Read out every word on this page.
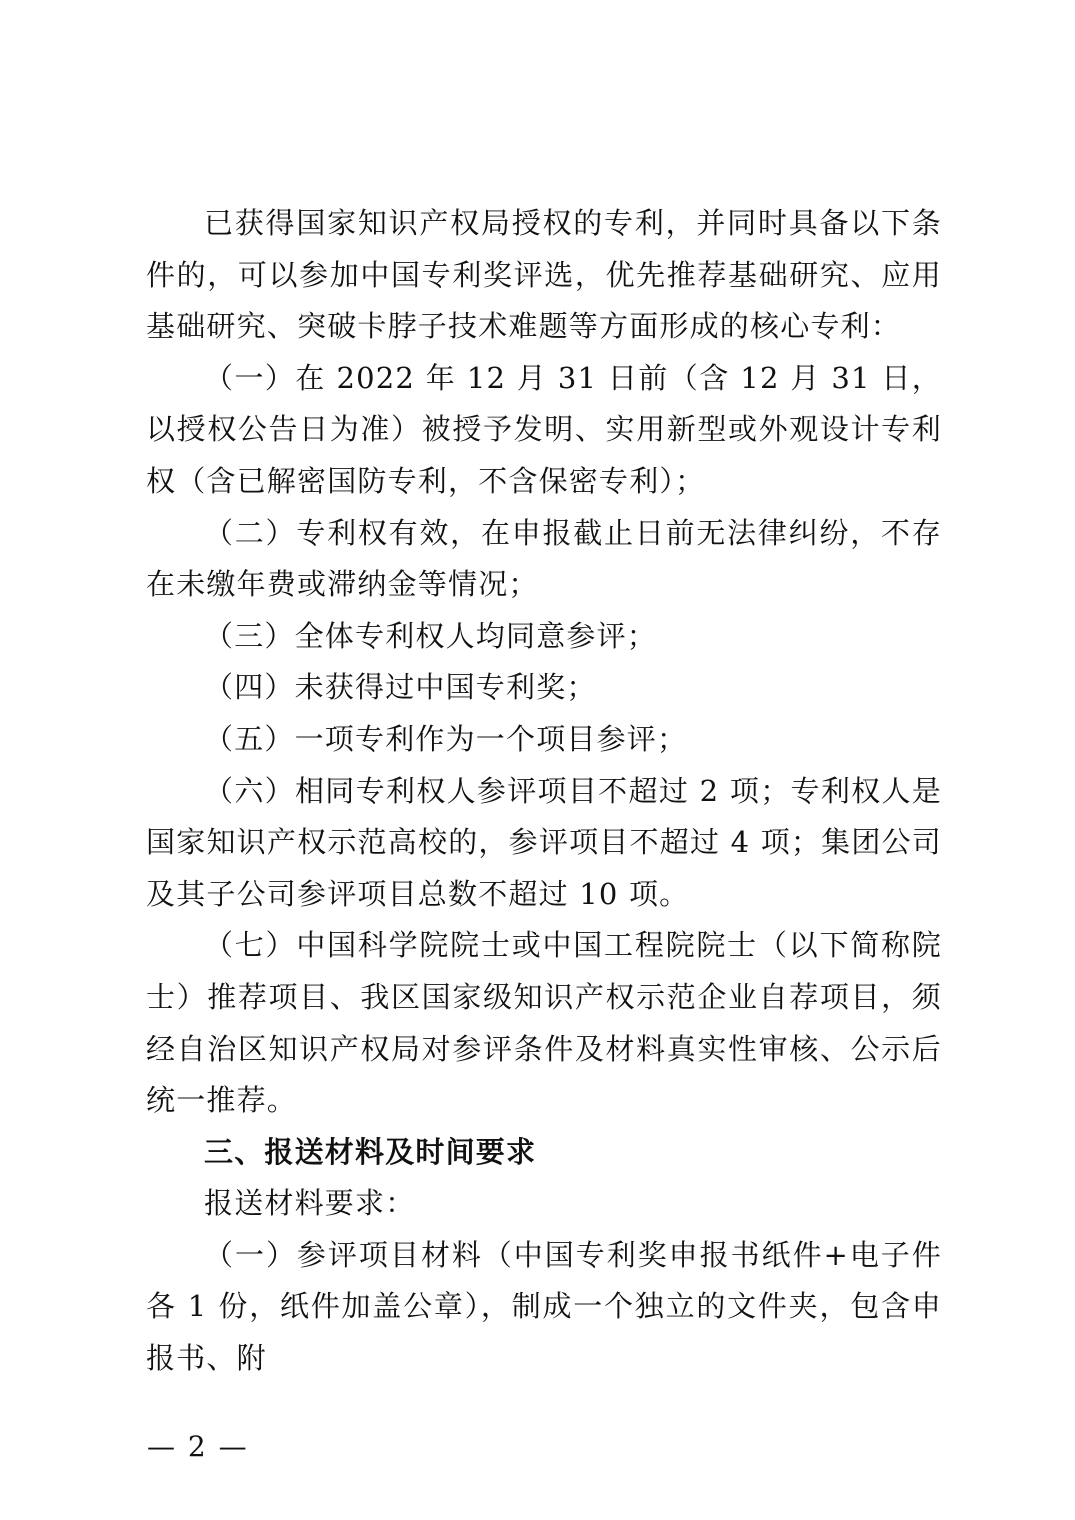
已获得国家知识产权局授权的专利，并同时具备以下条件的，可以参加中国专利奖评选，优先推荐基础研究、应用基础研究、突破卡脖子技术难题等方面形成的核心专利：

（一）在 2022 年 12 月 31 日前（含 12 月 31 日，以授权公告日为准）被授予发明、实用新型或外观设计专利权（含已解密国防专利，不含保密专利）；

（二）专利权有效，在申报截止日前无法律纠纷，不存在未缴年费或滞纳金等情况；

（三）全体专利权人均同意参评；

（四）未获得过中国专利奖；

（五）一项专利作为一个项目参评；

（六）相同专利权人参评项目不超过 2 项；专利权人是国家知识产权示范高校的，参评项目不超过 4 项；集团公司及其子公司参评项目总数不超过 10 项。

（七）中国科学院院士或中国工程院院士（以下简称院士）推荐项目、我区国家级知识产权示范企业自荐项目，须经自治区知识产权局对参评条件及材料真实性审核、公示后统一推荐。

三、报送材料及时间要求

报送材料要求：

（一）参评项目材料（中国专利奖申报书纸件+电子件各 1 份，纸件加盖公章），制成一个独立的文件夹，包含申报书、附

— 2 —
